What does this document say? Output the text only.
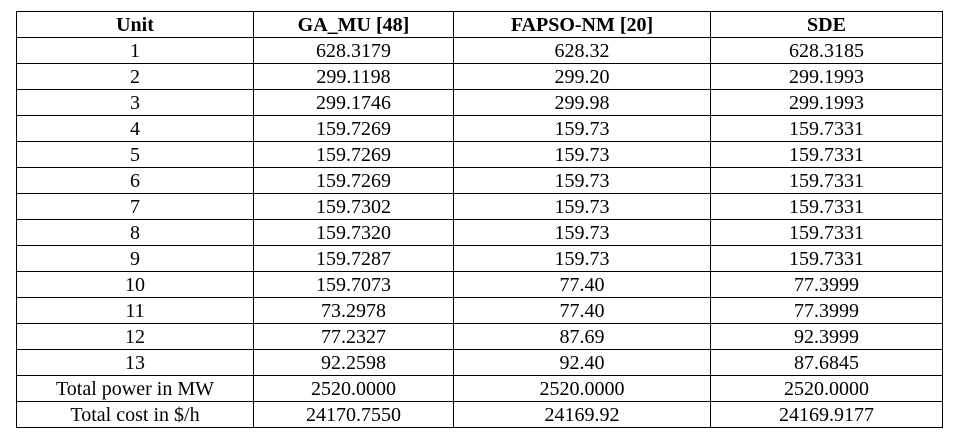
Unit	GA_MU [48]	FAPSO-NM [20]	SDE
1	628.3179	628.32	628.3185
2	299.1198	299.20	299.1993
3	299.1746	299.98	299.1993
4	159.7269	159.73	159.7331
5	159.7269	159.73	159.7331
6	159.7269	159.73	159.7331
7	159.7302	159.73	159.7331
8	159.7320	159.73	159.7331
9	159.7287	159.73	159.7331
10	159.7073	77.40	77.3999
11	73.2978	77.40	77.3999
12	77.2327	87.69	92.3999
13	92.2598	92.40	87.6845
Total power in MW	2520.0000	2520.0000	2520.0000
Total cost in $/h	24170.7550	24169.92	24169.9177
